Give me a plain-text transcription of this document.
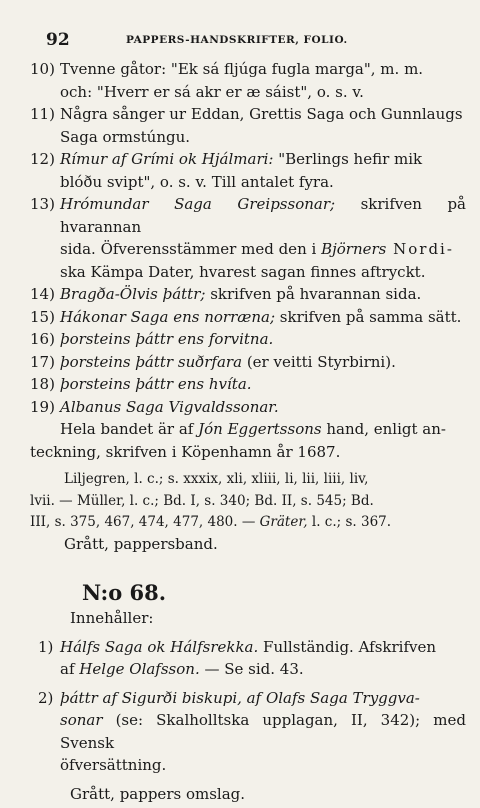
92	PAPPERS-HANDSKRIFTER, FOLIO.
10) Tvenne gåtor: "Ek sá fljúga fugla marga", m. m.
och: "Hverr er sá akr er æ sáist", o. s. v.
11) Några sånger ur Eddan, Grettis Saga och Gunnlaugs
Saga ormstúngu.
12) Rímur af Grími ok Hjálmari: "Berlings hefir mik
blóðu svipt", o. s. v. Till antalet fyra.
13) Hrómundar Saga Greipssonar; skrifven på hvarannan
sida. Öfverensstämmer med den i Björners Nordi-
ska Kämpa Dater, hvarest sagan finnes aftryckt.
14) Bragða-Ölvis þáttr; skrifven på hvarannan sida.
15) Hákonar Saga ens norræna; skrifven på samma sätt.
16) þorsteins þáttr ens forvitna.
17) þorsteins þáttr suðrfara (er veitti Styrbirni).
18) þorsteins þáttr ens hvíta.
19) Albanus Saga Vigvaldssonar.
Hela bandet är af Jón Eggertssons hand, enligt an-
teckning, skrifven i Köpenhamn år 1687.
Liljegren, l. c.; s. xxxix, xli, xliii, li, lii, liii, liv,
lvii. — Müller, l. c.; Bd. I, s. 340; Bd. II, s. 545; Bd.
III, s. 375, 467, 474, 477, 480. — Gräter, l. c.; s. 367.
Grått, pappersband.
N:o 68.
Innehåller:
1) Hálfs Saga ok Hálfsrekka. Fullständig. Afskrifven
af Helge Olafsson. — Se sid. 43.
2) þáttr af Sigurði biskupi, af Olafs Saga Tryggva-
sonar (se: Skalholltska upplagan, II, 342); med Svensk
öfversättning.
Grått, pappers omslag.
